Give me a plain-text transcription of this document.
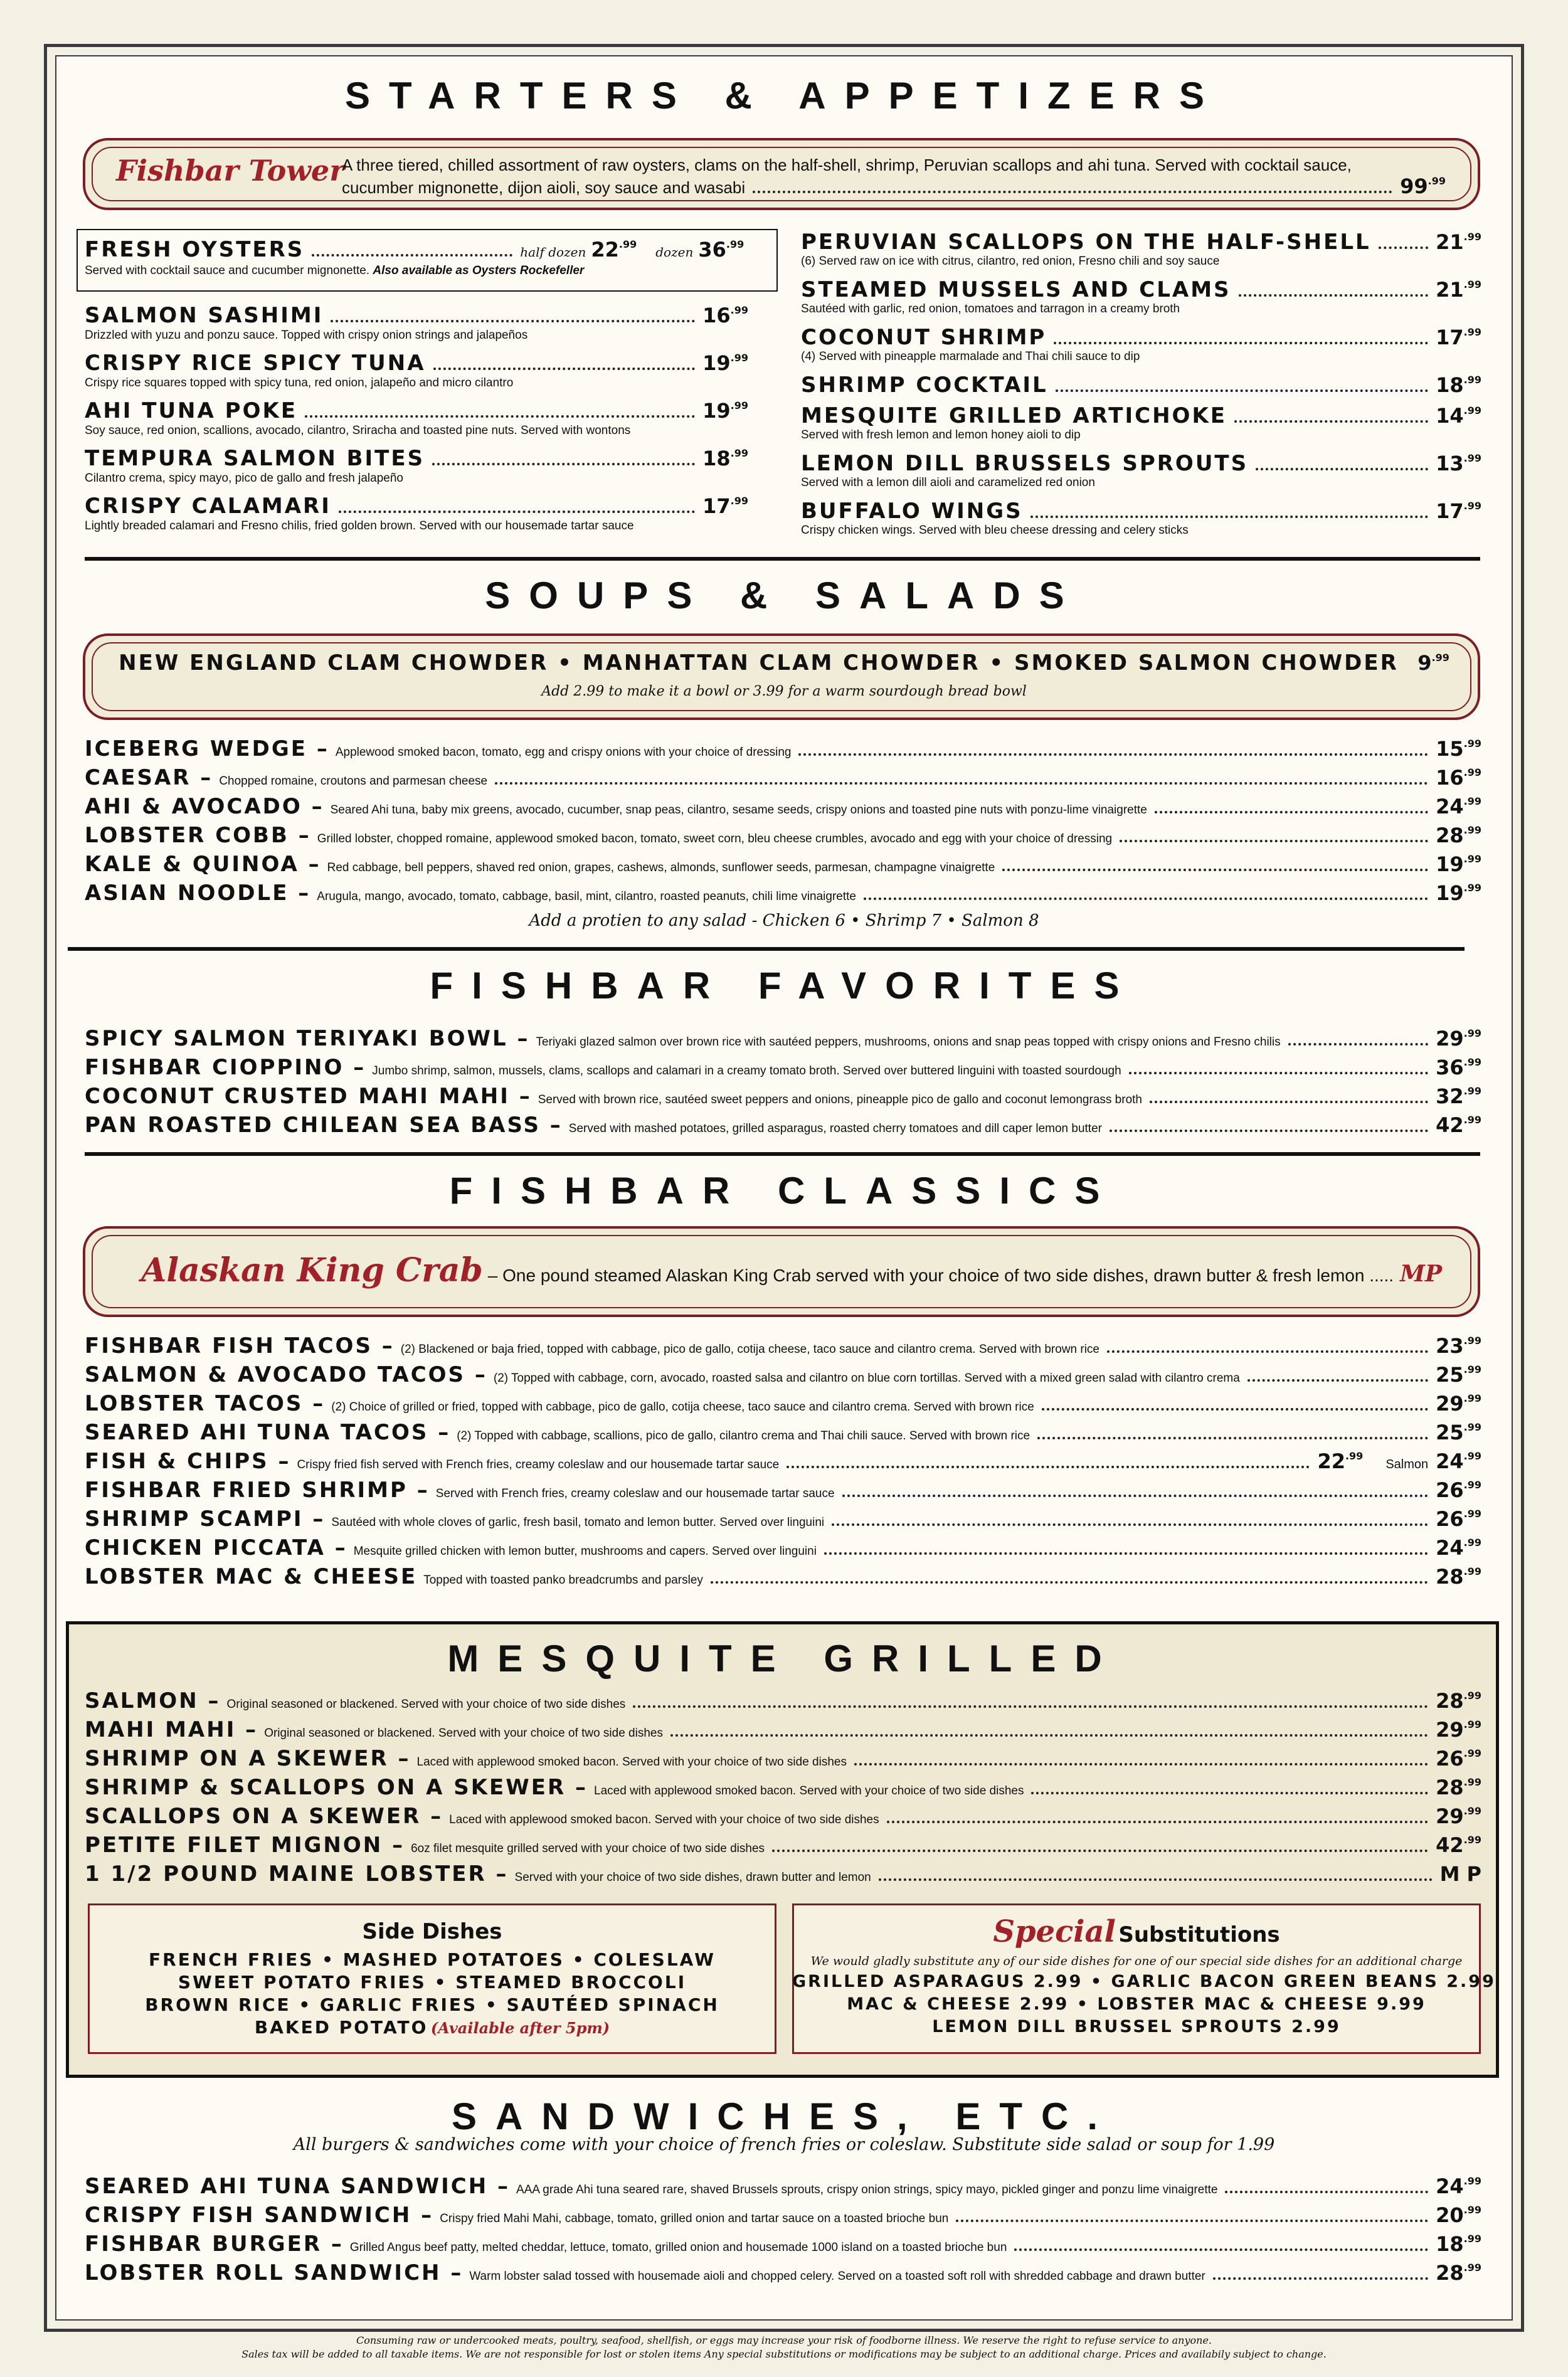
STARTERS & APPETIZERS
Fishbar Tower
A three tiered, chilled assortment of raw oysters, clams on the half-shell, shrimp, Peruvian scallops and ahi tuna. Served with cocktail sauce,
cucumber mignonette, dijon aioli, soy sauce and wasabi	$99^{.99}$
FRESH OYSTERS	half dozen $22^{.99}$
dozen $36^{.99}$
Served with cocktail sauce and cucumber mignonette. Also available as Oysters Rockefeller
SALMON SASHIMI	$16^{.99}$
Drizzled with yuzu and ponzu sauce. Topped with crispy onion strings and jalapeños
CRISPY RICE SPICY TUNA	$19^{.99}$
Crispy rice squares topped with spicy tuna, red onion, jalapeño and micro cilantro
AHI TUNA POKE	$19^{.99}$
Soy sauce, red onion, scallions, avocado, cilantro, Sriracha and toasted pine nuts. Served with wontons
TEMPURA SALMON BITES	$18^{.99}$
Cilantro crema, spicy mayo, pico de gallo and fresh jalapeño
CRISPY CALAMARI	$17^{.99}$
Lightly breaded calamari and Fresno chilis, fried golden brown. Served with our housemade tartar sauce
PERUVIAN SCALLOPS ON THE HALF-SHELL	$21^{.99}$
(6) Served raw on ice with citrus, cilantro, red onion, Fresno chili and soy sauce
STEAMED MUSSELS AND CLAMS	$21^{.99}$
Sautéed with garlic, red onion, tomatoes and tarragon in a creamy broth
COCONUT SHRIMP	$17^{.99}$
(4) Served with pineapple marmalade and Thai chili sauce to dip
SHRIMP COCKTAIL	$18^{.99}$
MESQUITE GRILLED ARTICHOKE	$14^{.99}$
Served with fresh lemon and lemon honey aioli to dip
LEMON DILL BRUSSELS SPROUTS	$13^{.99}$
Served with a lemon dill aioli and caramelized red onion
BUFFALO WINGS	$17^{.99}$
Crispy chicken wings. Served with bleu cheese dressing and celery sticks
SOUPS & SALADS
NEW ENGLAND CLAM CHOWDER • MANHATTAN CLAM CHOWDER • SMOKED SALMON CHOWDER $9^{.99}$
Add 2.99 to make it a bowl or 3.99 for a warm sourdough bread bowl
ICEBERG WEDGE – Applewood smoked bacon, tomato, egg and crispy onions with your choice of dressing	$15^{.99}$
CAESAR – Chopped romaine, croutons and parmesan cheese	$16^{.99}$
AHI & AVOCADO – Seared Ahi tuna, baby mix greens, avocado, cucumber, snap peas, cilantro, sesame seeds, crispy onions and toasted pine nuts with ponzu-lime vinaigrette	$24^{.99}$
LOBSTER COBB – Grilled lobster, chopped romaine, applewood smoked bacon, tomato, sweet corn, bleu cheese crumbles, avocado and egg with your choice of dressing	$28^{.99}$
KALE & QUINOA – Red cabbage, bell peppers, shaved red onion, grapes, cashews, almonds, sunflower seeds, parmesan, champagne vinaigrette	$19^{.99}$
ASIAN NOODLE – Arugula, mango, avocado, tomato, cabbage, basil, mint, cilantro, roasted peanuts, chili lime vinaigrette	$19^{.99}$
Add a protien to any salad - Chicken 6 • Shrimp 7 • Salmon 8
FISHBAR FAVORITES
SPICY SALMON TERIYAKI BOWL – Teriyaki glazed salmon over brown rice with sautéed peppers, mushrooms, onions and snap peas topped with crispy onions and Fresno chilis	$29^{.99}$
FISHBAR CIOPPINO – Jumbo shrimp, salmon, mussels, clams, scallops and calamari in a creamy tomato broth. Served over buttered linguini with toasted sourdough	$36^{.99}$
COCONUT CRUSTED MAHI MAHI – Served with brown rice, sautéed sweet peppers and onions, pineapple pico de gallo and coconut lemongrass broth	$32^{.99}$
PAN ROASTED CHILEAN SEA BASS – Served with mashed potatoes, grilled asparagus, roasted cherry tomatoes and dill caper lemon butter	$42^{.99}$
FISHBAR CLASSICS
Alaskan King Crab – One pound steamed Alaskan King Crab served with your choice of two side dishes, drawn butter & fresh lemon ..... MP
FISHBAR FISH TACOS – (2) Blackened or baja fried, topped with cabbage, pico de gallo, cotija cheese, taco sauce and cilantro crema. Served with brown rice	$23^{.99}$
SALMON & AVOCADO TACOS – (2) Topped with cabbage, corn, avocado, roasted salsa and cilantro on blue corn tortillas. Served with a mixed green salad with cilantro crema	$25^{.99}$
LOBSTER TACOS – (2) Choice of grilled or fried, topped with cabbage, pico de gallo, cotija cheese, taco sauce and cilantro crema. Served with brown rice	$29^{.99}$
SEARED AHI TUNA TACOS – (2) Topped with cabbage, scallions, pico de gallo, cilantro crema and Thai chili sauce. Served with brown rice	$25^{.99}$
FISH & CHIPS – Crispy fried fish served with French fries, creamy coleslaw and our housemade tartar sauce	$22^{.99}$
Salmon $24^{.99}$
FISHBAR FRIED SHRIMP – Served with French fries, creamy coleslaw and our housemade tartar sauce	$26^{.99}$
SHRIMP SCAMPI – Sautéed with whole cloves of garlic, fresh basil, tomato and lemon butter. Served over linguini	$26^{.99}$
CHICKEN PICCATA – Mesquite grilled chicken with lemon butter, mushrooms and capers. Served over linguini	$24^{.99}$
LOBSTER MAC & CHEESE Topped with toasted panko breadcrumbs and parsley	$28^{.99}$
MESQUITE GRILLED
SALMON – Original seasoned or blackened. Served with your choice of two side dishes	$28^{.99}$
MAHI MAHI – Original seasoned or blackened. Served with your choice of two side dishes	$29^{.99}$
SHRIMP ON A SKEWER – Laced with applewood smoked bacon. Served with your choice of two side dishes	$26^{.99}$
SHRIMP & SCALLOPS ON A SKEWER – Laced with applewood smoked bacon. Served with your choice of two side dishes	$28^{.99}$
SCALLOPS ON A SKEWER – Laced with applewood smoked bacon. Served with your choice of two side dishes	$29^{.99}$
PETITE FILET MIGNON – 6oz filet mesquite grilled served with your choice of two side dishes	$42^{.99}$
1 1/2 POUND MAINE LOBSTER – Served with your choice of two side dishes, drawn butter and lemon	M P
Side Dishes
FRENCH FRIES • MASHED POTATOES • COLESLAW
SWEET POTATO FRIES • STEAMED BROCCOLI
BROWN RICE • GARLIC FRIES • SAUTÉED SPINACH
BAKED POTATO (Available after 5pm)
Special Substitutions
We would gladly substitute any of our side dishes for one of our special side dishes for an additional charge
GRILLED ASPARAGUS 2.99 • GARLIC BACON GREEN BEANS 2.99
MAC & CHEESE 2.99 • LOBSTER MAC & CHEESE 9.99
LEMON DILL BRUSSEL SPROUTS 2.99
SANDWICHES, ETC.
All burgers & sandwiches come with your choice of french fries or coleslaw. Substitute side salad or soup for 1.99
SEARED AHI TUNA SANDWICH – AAA grade Ahi tuna seared rare, shaved Brussels sprouts, crispy onion strings, spicy mayo, pickled ginger and ponzu lime vinaigrette	$24^{.99}$
CRISPY FISH SANDWICH – Crispy fried Mahi Mahi, cabbage, tomato, grilled onion and tartar sauce on a toasted brioche bun	$20^{.99}$
FISHBAR BURGER – Grilled Angus beef patty, melted cheddar, lettuce, tomato, grilled onion and housemade 1000 island on a toasted brioche bun	$18^{.99}$
LOBSTER ROLL SANDWICH – Warm lobster salad tossed with housemade aioli and chopped celery. Served on a toasted soft roll with shredded cabbage and drawn butter	$28^{.99}$
Consuming raw or undercooked meats, poultry, seafood, shellfish, or eggs may increase your risk of foodborne illness. We reserve the right to refuse service to anyone.
Sales tax will be added to all taxable items. We are not responsible for lost or stolen items Any special substitutions or modifications may be subject to an additional charge. Prices and availabily subject to change.
